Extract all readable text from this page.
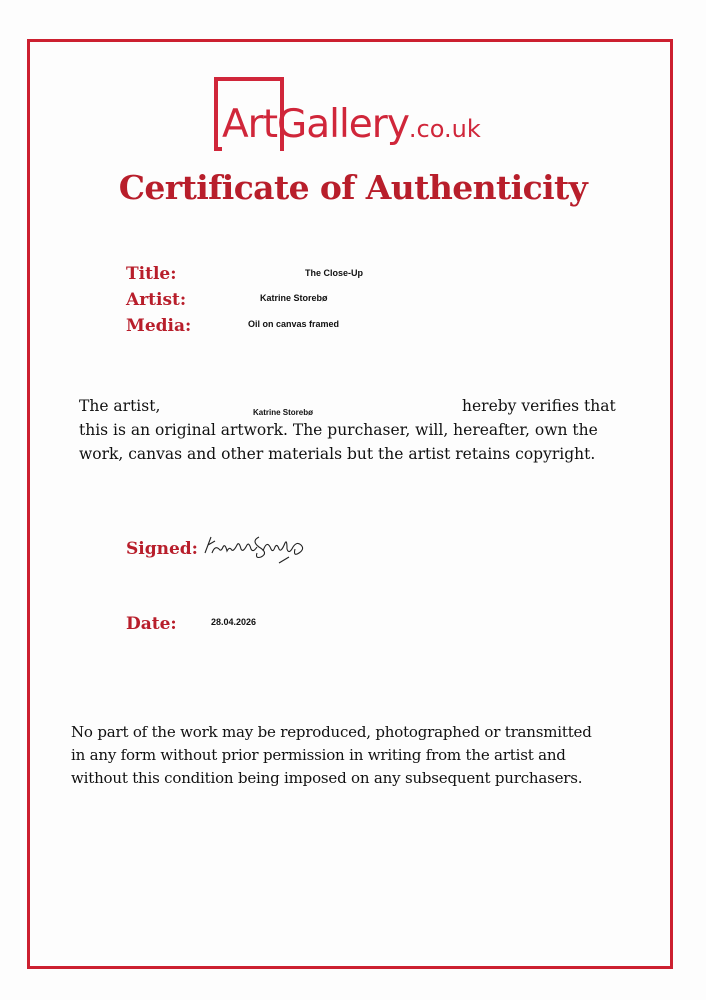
ArtGallery.co.uk
Certificate of Authenticity
Title:	The Close-Up
Artist:	Katrine Storebø
Media:	Oil on canvas framed
The artist,	Katrine Storebø	hereby verifies that
this is an original artwork. The purchaser, will, hereafter, own the
work, canvas and other materials but the artist retains copyright.
Signed:
Date:	28.04.2026
No part of the work may be reproduced, photographed or transmitted
in any form without prior permission in writing from the artist and
without this condition being imposed on any subsequent purchasers.
